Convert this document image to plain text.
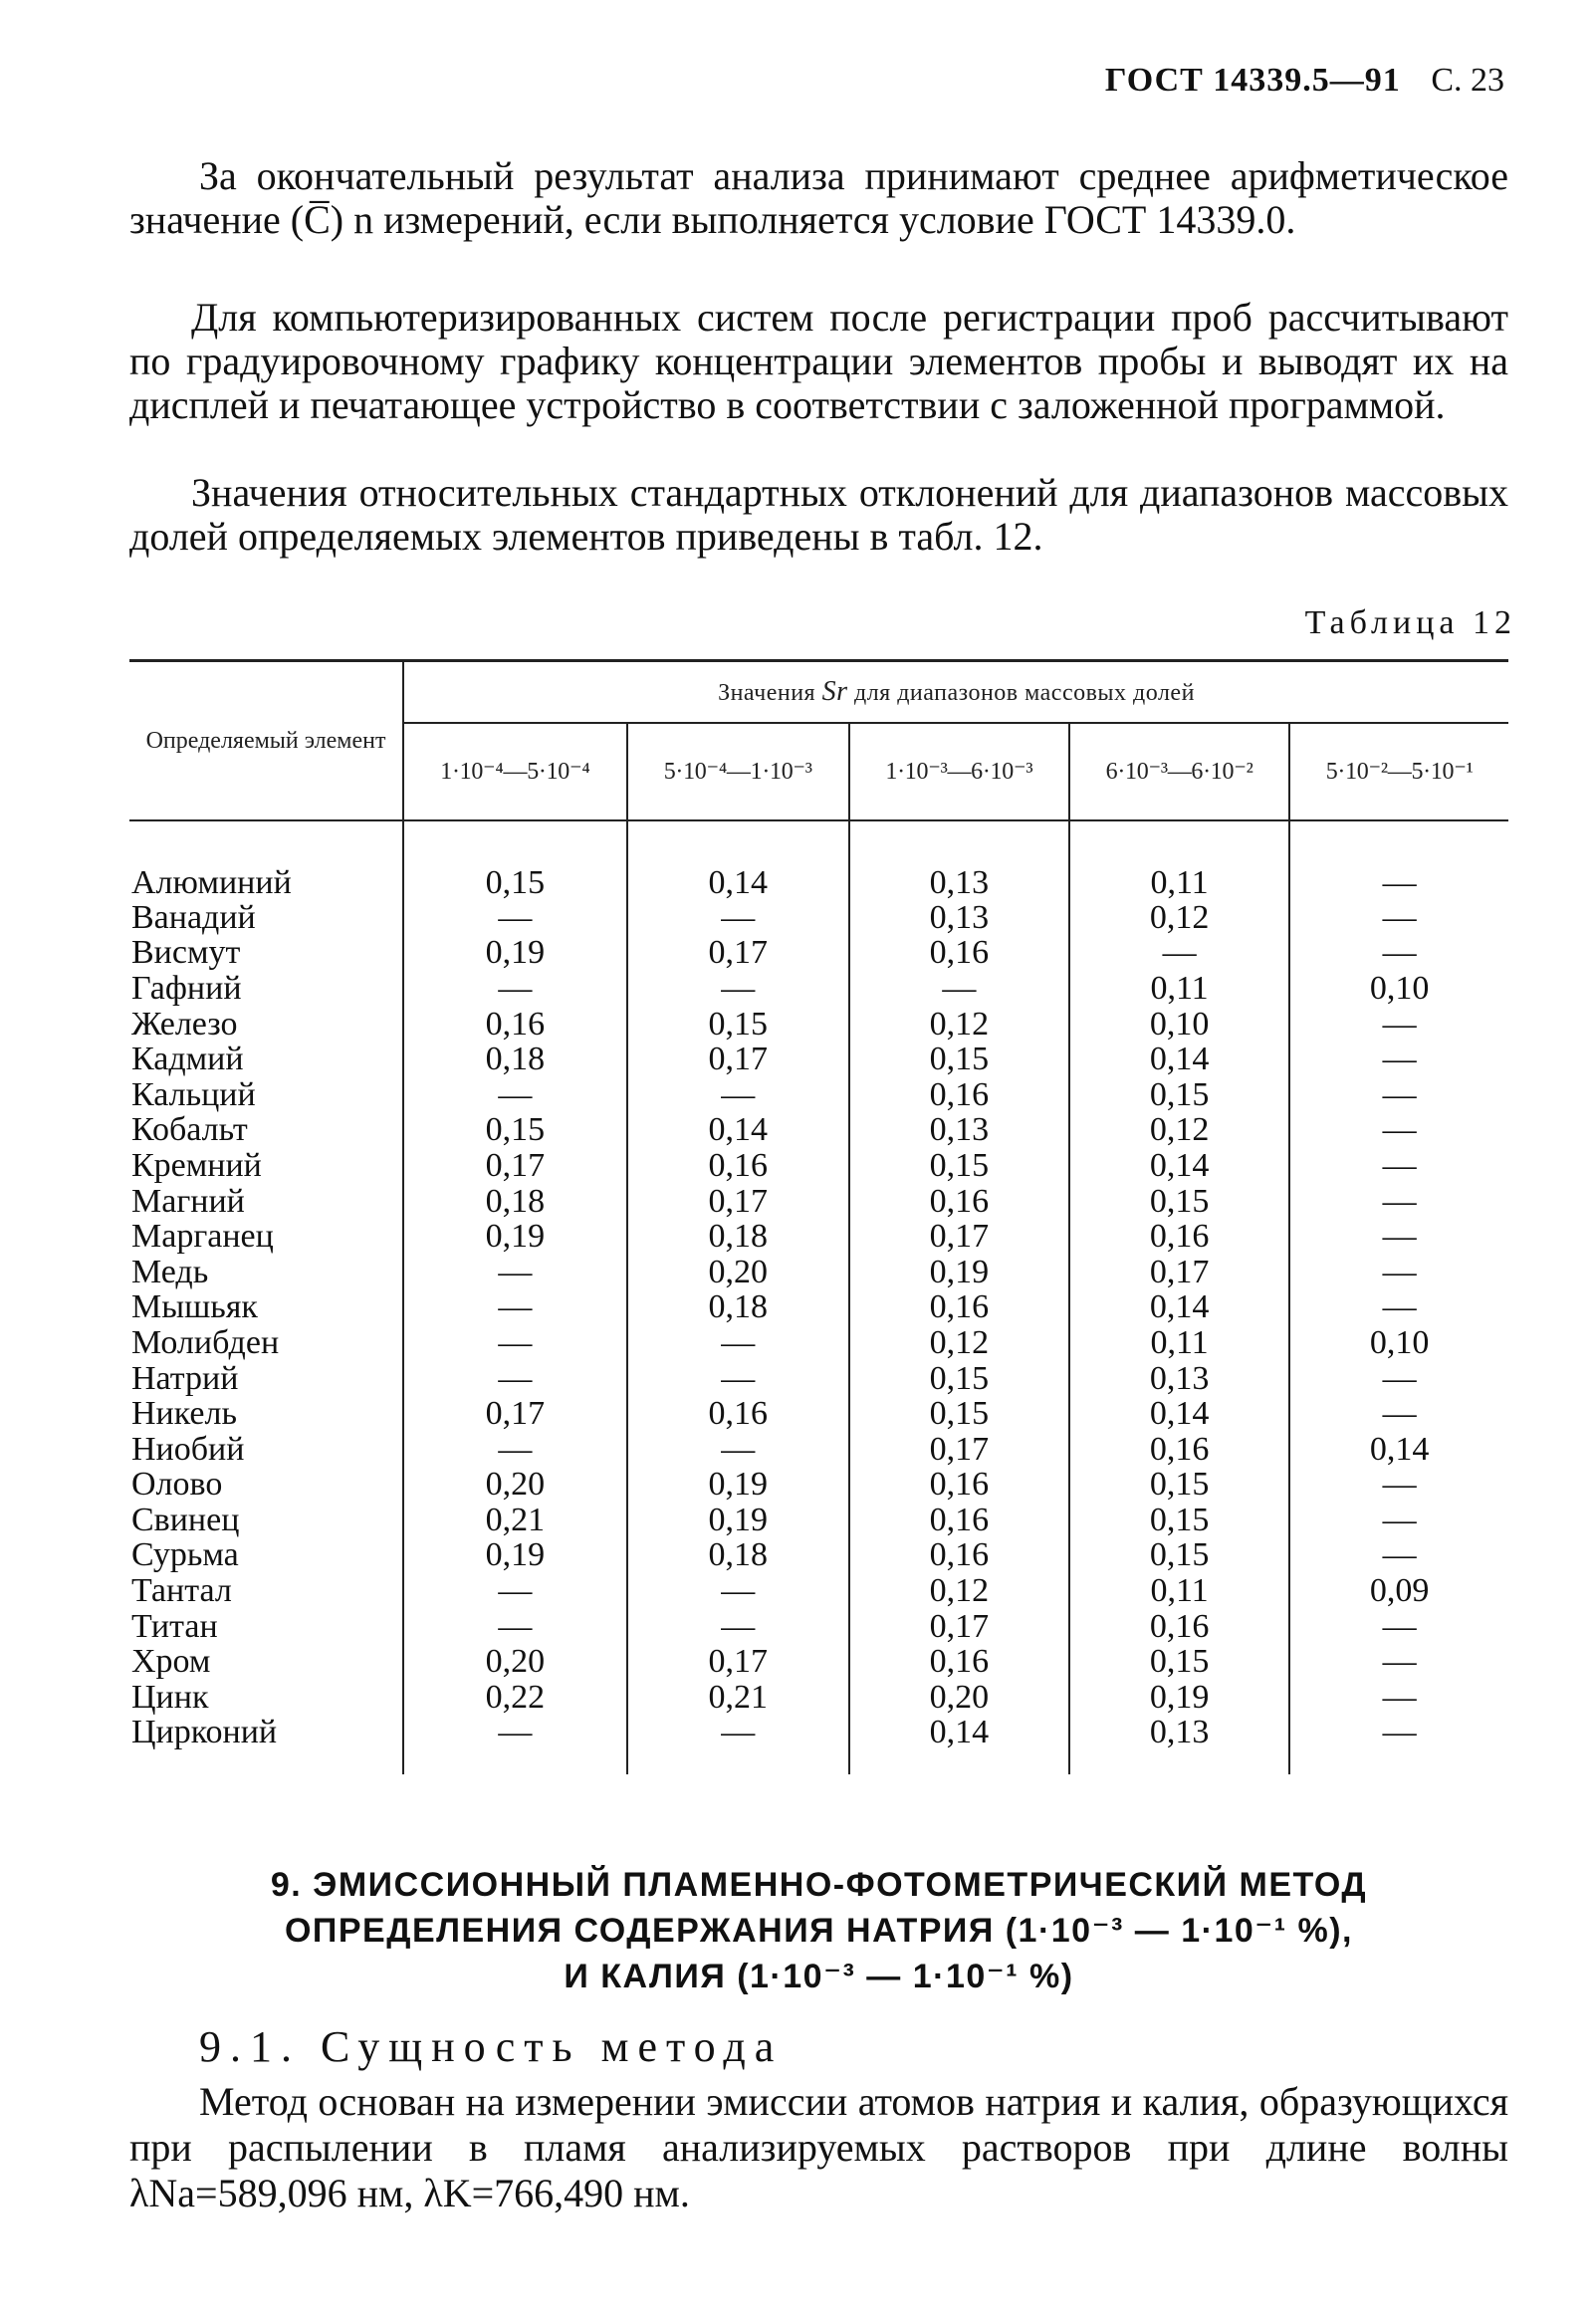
ГОСТ 14339.5—91 С. 23

За окончательный результат анализа принимают среднее арифметическое значение (C̅) n измерений, если выполняется условие ГОСТ 14339.0.

Для компьютеризированных систем после регистрации проб рассчитывают по градуировочному графику концентрации элементов пробы и выводят их на дисплей и печатающее устройство в соответствии с заложенной программой.

Значения относительных стандартных отклонений для диапазонов массовых долей определяемых элементов приведены в табл. 12.

Таблица 12
Определяемый элемент	Значения Sr для диапазонов массовых долей				
	1·10⁻⁴—5·10⁻⁴	5·10⁻⁴—1·10⁻³	1·10⁻³—6·10⁻³	6·10⁻³—6·10⁻²	5·10⁻²—5·10⁻¹
Алюминий	0,15	0,14	0,13	0,11	—
Ванадий	—	—	0,13	0,12	—
Висмут	0,19	0,17	0,16	—	—
Гафний	—	—	—	0,11	0,10
Железо	0,16	0,15	0,12	0,10	—
Кадмий	0,18	0,17	0,15	0,14	—
Кальций	—	—	0,16	0,15	—
Кобальт	0,15	0,14	0,13	0,12	—
Кремний	0,17	0,16	0,15	0,14	—
Магний	0,18	0,17	0,16	0,15	—
Марганец	0,19	0,18	0,17	0,16	—
Медь	—	0,20	0,19	0,17	—
Мышьяк	—	0,18	0,16	0,14	—
Молибден	—	—	0,12	0,11	0,10
Натрий	—	—	0,15	0,13	—
Никель	0,17	0,16	0,15	0,14	—
Ниобий	—	—	0,17	0,16	0,14
Олово	0,20	0,19	0,16	0,15	—
Свинец	0,21	0,19	0,16	0,15	—
Сурьма	0,19	0,18	0,16	0,15	—
Тантал	—	—	0,12	0,11	0,09
Титан	—	—	0,17	0,16	—
Хром	0,20	0,17	0,16	0,15	—
Цинк	0,22	0,21	0,20	0,19	—
Цирконий	—	—	0,14	0,13	—
9. ЭМИССИОННЫЙ ПЛАМЕННО-ФОТОМЕТРИЧЕСКИЙ МЕТОД
ОПРЕДЕЛЕНИЯ СОДЕРЖАНИЯ НАТРИЯ (1·10⁻³ — 1·10⁻¹ %),
И КАЛИЯ (1·10⁻³ — 1·10⁻¹ %)
9.1. Сущность метода

Метод основан на измерении эмиссии атомов натрия и калия, образующихся при распылении в пламя анализируемых растворов при длине волны λNa=589,096 нм, λK=766,490 нм.
